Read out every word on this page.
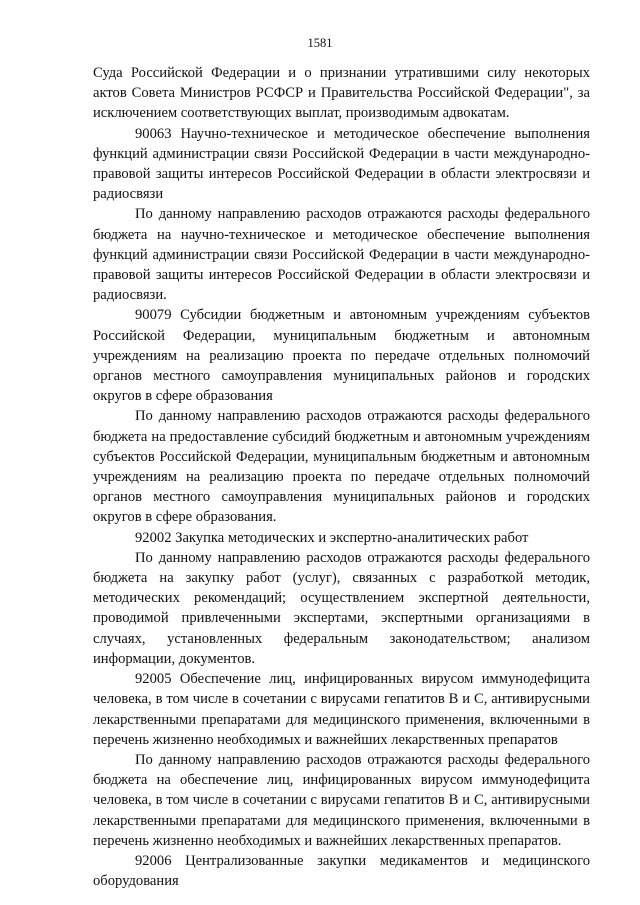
1581

Суда Российской Федерации и о признании утратившими силу некоторых актов Совета Министров РСФСР и Правительства Российской Федерации", за исключением соответствующих выплат, производимым адвокатам.

90063 Научно-техническое и методическое обеспечение выполнения функций администрации связи Российской Федерации в части международно-правовой защиты интересов Российской Федерации в области электросвязи и радиосвязи

По данному направлению расходов отражаются расходы федерального бюджета на научно-техническое и методическое обеспечение выполнения функций администрации связи Российской Федерации в части международно-правовой защиты интересов Российской Федерации в области электросвязи и радиосвязи.

90079 Субсидии бюджетным и автономным учреждениям субъектов Российской Федерации, муниципальным бюджетным и автономным учреждениям на реализацию проекта по передаче отдельных полномочий органов местного самоуправления муниципальных районов и городских округов в сфере образования

По данному направлению расходов отражаются расходы федерального бюджета на предоставление субсидий бюджетным и автономным учреждениям субъектов Российской Федерации, муниципальным бюджетным и автономным учреждениям на реализацию проекта по передаче отдельных полномочий органов местного самоуправления муниципальных районов и городских округов в сфере образования.

92002 Закупка методических и экспертно-аналитических работ

По данному направлению расходов отражаются расходы федерального бюджета на закупку работ (услуг), связанных с разработкой методик, методических рекомендаций; осуществлением экспертной деятельности, проводимой привлеченными экспертами, экспертными организациями в случаях, установленных федеральным законодательством; анализом информации, документов.

92005 Обеспечение лиц, инфицированных вирусом иммунодефицита человека, в том числе в сочетании с вирусами гепатитов B и C, антивирусными лекарственными препаратами для медицинского применения, включенными в перечень жизненно необходимых и важнейших лекарственных препаратов

По данному направлению расходов отражаются расходы федерального бюджета на обеспечение лиц, инфицированных вирусом иммунодефицита человека, в том числе в сочетании с вирусами гепатитов B и C, антивирусными лекарственными препаратами для медицинского применения, включенными в перечень жизненно необходимых и важнейших лекарственных препаратов.

92006 Централизованные закупки медикаментов и медицинского оборудования
